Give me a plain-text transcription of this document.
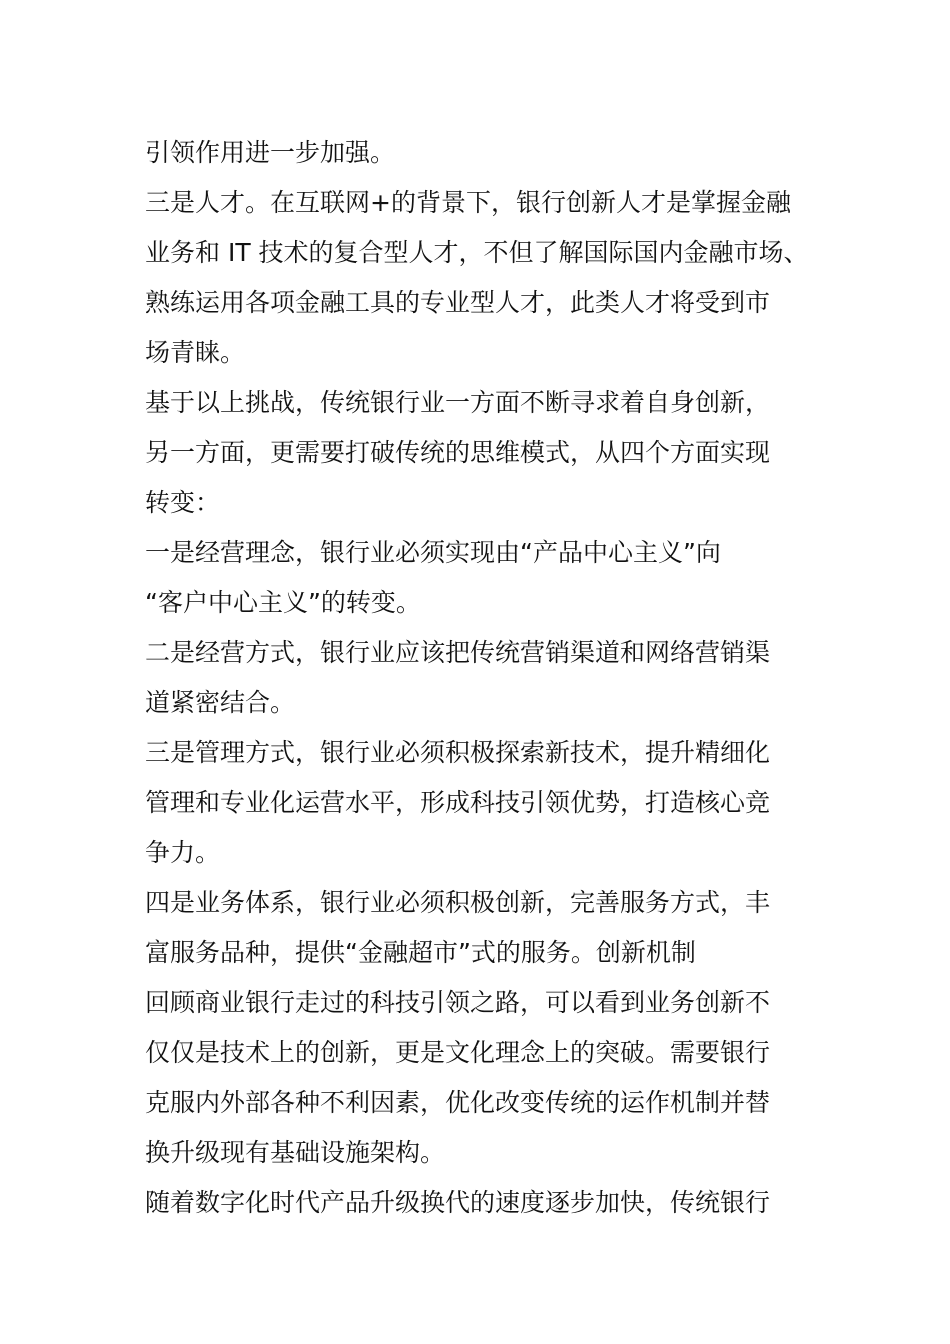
引领作用进一步加强。
三是人才。在互联网+的背景下，银行创新人才是掌握金融
业务和 IT 技术的复合型人才，不但了解国际国内金融市场、
熟练运用各项金融工具的专业型人才，此类人才将受到市
场青睐。
基于以上挑战，传统银行业一方面不断寻求着自身创新，
另一方面，更需要打破传统的思维模式，从四个方面实现
转变：
一是经营理念，银行业必须实现由“产品中心主义”向
“客户中心主义”的转变。
二是经营方式，银行业应该把传统营销渠道和网络营销渠
道紧密结合。
三是管理方式，银行业必须积极探索新技术，提升精细化
管理和专业化运营水平，形成科技引领优势，打造核心竞
争力。
四是业务体系，银行业必须积极创新，完善服务方式，丰
富服务品种，提供“金融超市”式的服务。创新机制
回顾商业银行走过的科技引领之路，可以看到业务创新不
仅仅是技术上的创新，更是文化理念上的突破。需要银行
克服内外部各种不利因素，优化改变传统的运作机制并替
换升级现有基础设施架构。
随着数字化时代产品升级换代的速度逐步加快，传统银行
